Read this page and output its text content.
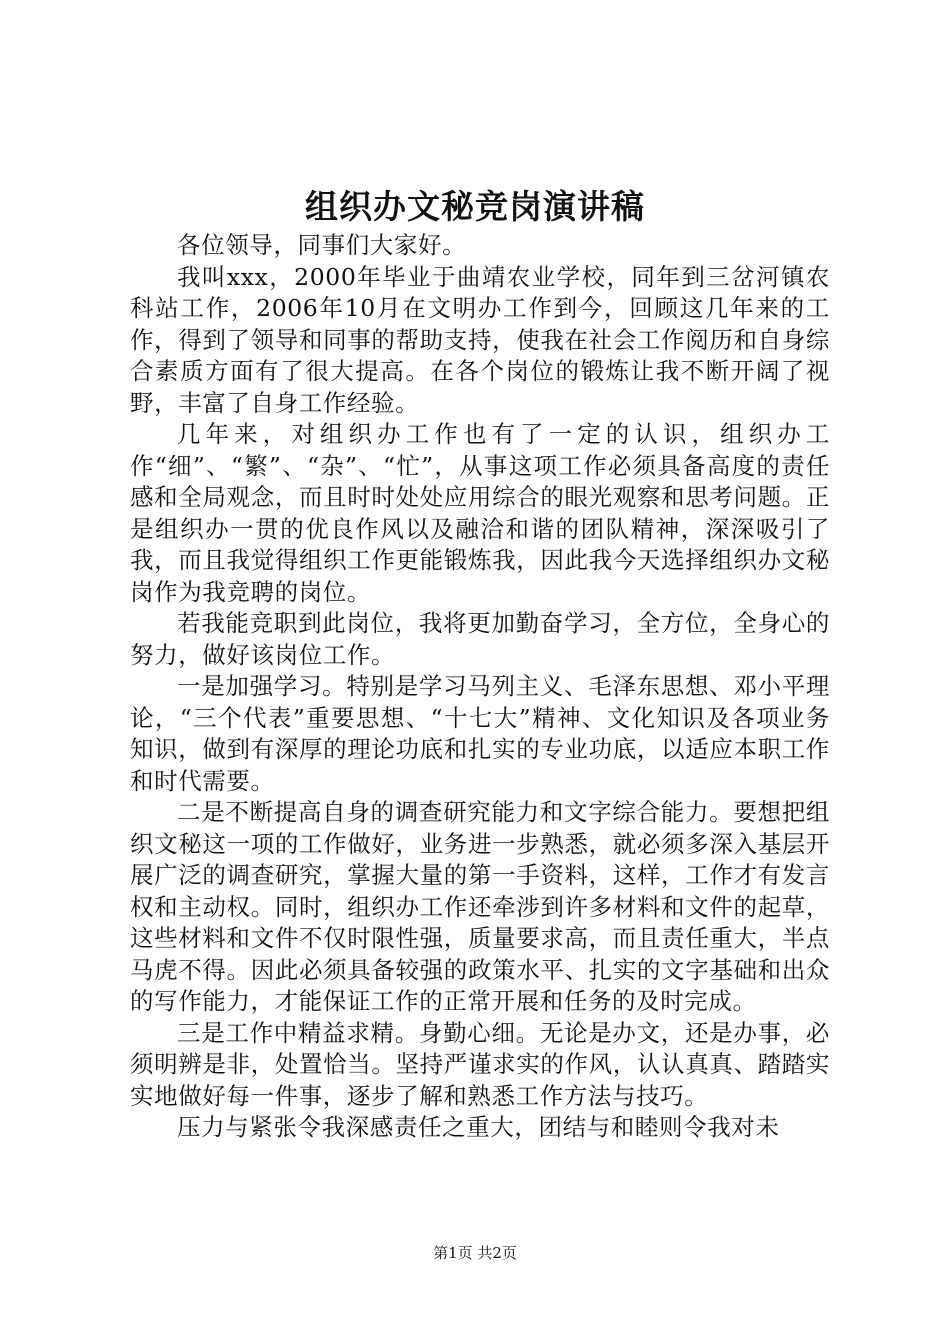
组织办文秘竞岗演讲稿

各位领导，同事们大家好。

我叫xxx，2000年毕业于曲靖农业学校，同年到三岔河镇农科站工作，2006年10月在文明办工作到今，回顾这几年来的工作，得到了领导和同事的帮助支持，使我在社会工作阅历和自身综合素质方面有了很大提高。在各个岗位的锻炼让我不断开阔了视野，丰富了自身工作经验。

几年来，对组织办工作也有了一定的认识，组织办工作“细”、“繁”、“杂”、“忙”，从事这项工作必须具备高度的责任感和全局观念，而且时时处处应用综合的眼光观察和思考问题。正是组织办一贯的优良作风以及融洽和谐的团队精神，深深吸引了我，而且我觉得组织工作更能锻炼我，因此我今天选择组织办文秘岗作为我竞聘的岗位。

若我能竞职到此岗位，我将更加勤奋学习，全方位，全身心的努力，做好该岗位工作。

一是加强学习。特别是学习马列主义、毛泽东思想、邓小平理论，“三个代表”重要思想、“十七大”精神、文化知识及各项业务知识，做到有深厚的理论功底和扎实的专业功底，以适应本职工作和时代需要。

二是不断提高自身的调查研究能力和文字综合能力。要想把组织文秘这一项的工作做好，业务进一步熟悉，就必须多深入基层开展广泛的调查研究，掌握大量的第一手资料，这样，工作才有发言权和主动权。同时，组织办工作还牵涉到许多材料和文件的起草，这些材料和文件不仅时限性强，质量要求高，而且责任重大，半点马虎不得。因此必须具备较强的政策水平、扎实的文字基础和出众的写作能力，才能保证工作的正常开展和任务的及时完成。

三是工作中精益求精。身勤心细。无论是办文，还是办事，必须明辨是非，处置恰当。坚持严谨求实的作风，认认真真、踏踏实实地做好每一件事，逐步了解和熟悉工作方法与技巧。

压力与紧张令我深感责任之重大，团结与和睦则令我对未

第1页 共2页
